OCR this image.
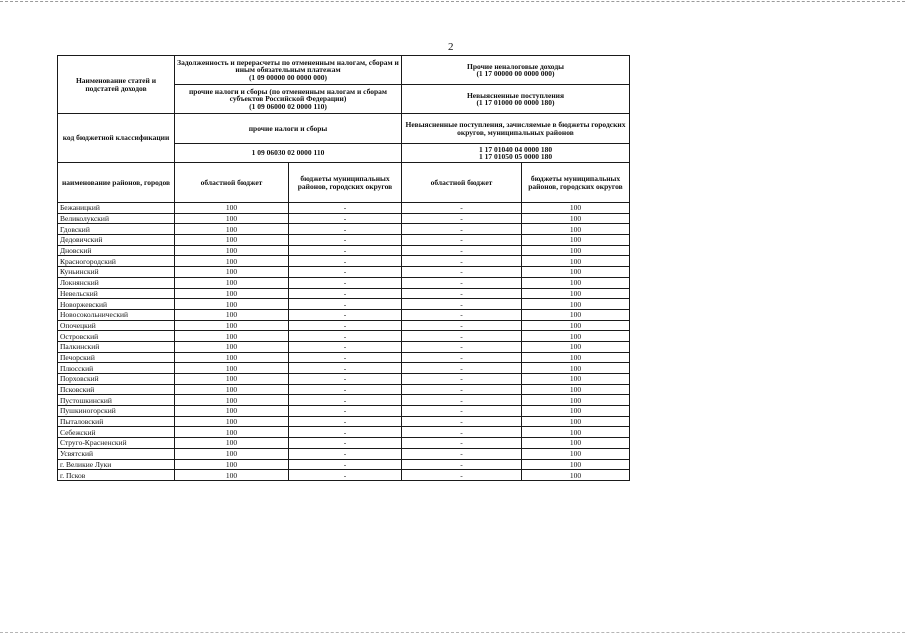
2
Наименование статей и подстатей доходов	Задолженность и перерасчеты по отмененным налогам, сборам и иным обязательным платежам
(1 09 00000 00 0000 000)		Прочие неналоговые доходы
(1 17 00000 00 0000 000)	
	прочие налоги и сборы (по отмененным налогам и сборам субъектов Российской Федерации)
(1 09 06000 02 0000 110)		Невыясненные поступления
(1 17 01000 00 0000 180)	
код бюджетной классификации	прочие налоги и сборы		Невыясненные поступления, зачисляемые в бюджеты городских округов, муниципальных районов	
	1 09 06030 02 0000 110		1 17 01040 04 0000 180
1 17 01050 05 0000 180	
наименование районов, городов	областной бюджет	бюджеты муниципальных районов, городских округов	областной бюджет	бюджеты муниципальных районов, городских округов
Бежаницкий	100	-	-	100
Великолукский	100	-	-	100
Гдовский	100	-	-	100
Дедовичский	100	-	-	100
Дновский	100	-	-	100
Красногородский	100	-	-	100
Куньинский	100	-	-	100
Локнянский	100	-	-	100
Невельский	100	-	-	100
Новоржевский	100	-	-	100
Новосокольнический	100	-	-	100
Опочецкий	100	-	-	100
Островский	100	-	-	100
Палкинский	100	-	-	100
Печорский	100	-	-	100
Плюсский	100	-	-	100
Порховский	100	-	-	100
Псковский	100	-	-	100
Пустошкинский	100	-	-	100
Пушкиногорский	100	-	-	100
Пыталовский	100	-	-	100
Себежский	100	-	-	100
Струго-Красненский	100	-	-	100
Усвятский	100	-	-	100
г. Великие Луки	100	-	-	100
г. Псков	100	-	-	100
